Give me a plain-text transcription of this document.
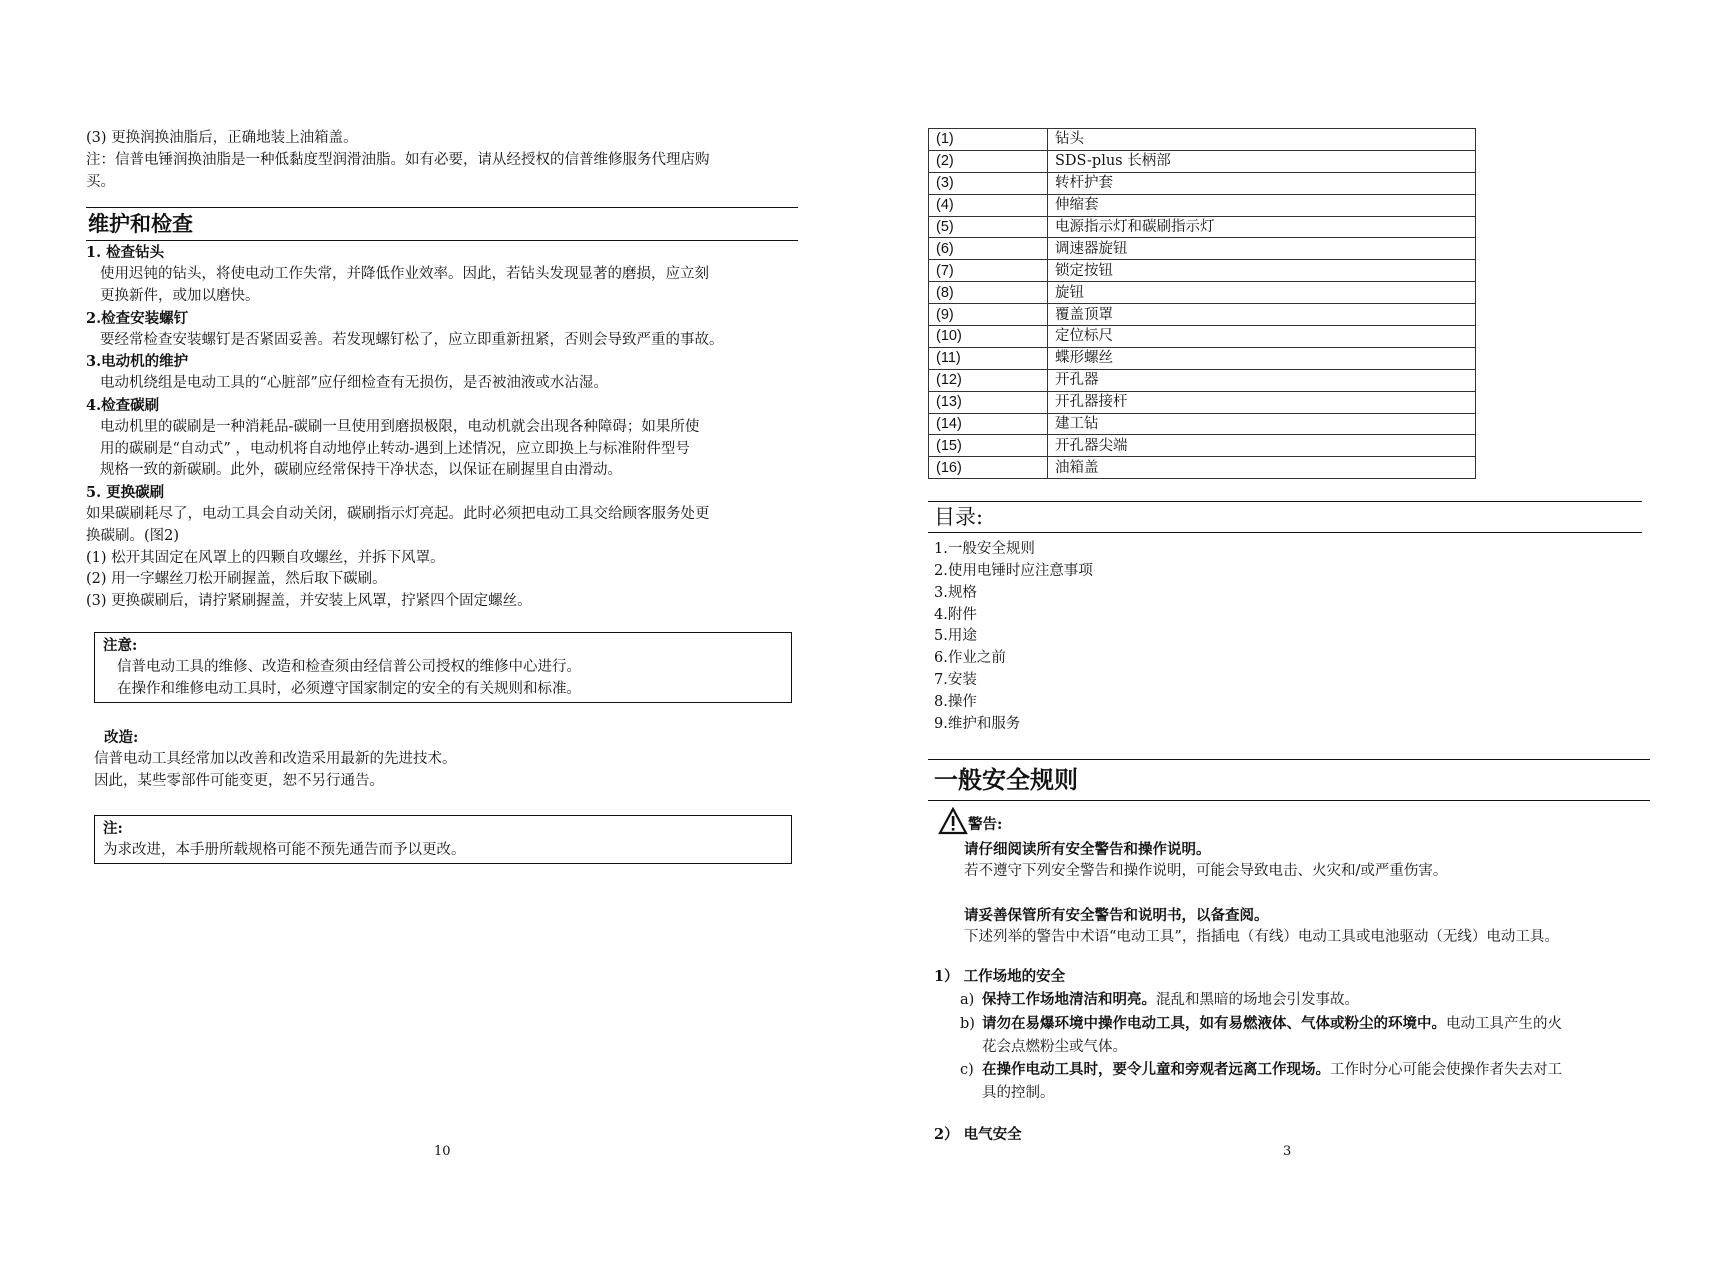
(3) 更换润换油脂后，正确地装上油箱盖。

注：信普电锤润换油脂是一种低黏度型润滑油脂。如有必要，请从经授权的信普维修服务代理店购

买。

维护和检查

1. 检查钻头

使用迟钝的钻头，将使电动工作失常，并降低作业效率。因此，若钻头发现显著的磨损，应立刻

更换新件，或加以磨快。

2.检查安装螺钉

要经常检查安装螺钉是否紧固妥善。若发现螺钉松了，应立即重新扭紧，否则会导致严重的事故。

3.电动机的维护

电动机绕组是电动工具的“心脏部”应仔细检查有无损伤，是否被油液或水沾湿。

4.检查碳刷

电动机里的碳刷是一种消耗品-碳刷一旦使用到磨损极限，电动机就会出现各种障碍；如果所使

用的碳刷是“自动式” ，电动机将自动地停止转动-遇到上述情况，应立即换上与标准附件型号

规格一致的新碳刷。此外，碳刷应经常保持干净状态，以保证在刷握里自由滑动。

5. 更换碳刷

如果碳刷耗尽了，电动工具会自动关闭，碳刷指示灯亮起。此时必须把电动工具交给顾客服务处更

换碳刷。(图2)

(1) 松开其固定在风罩上的四颗自攻螺丝，并拆下风罩。

(2) 用一字螺丝刀松开刷握盖，然后取下碳刷。

(3) 更换碳刷后，请拧紧刷握盖，并安装上风罩，拧紧四个固定螺丝。

注意:

信普电动工具的维修、改造和检查须由经信普公司授权的维修中心进行。

在操作和维修电动工具时，必须遵守国家制定的安全的有关规则和标准。

改造:

信普电动工具经常加以改善和改造采用最新的先进技术。

因此，某些零部件可能变更，恕不另行通告。

注:

为求改进，本手册所载规格可能不预先通告而予以更改。

10
(1)	钻头
(2)	SDS-plus 长柄部
(3)	转杆护套
(4)	伸缩套
(5)	电源指示灯和碳刷指示灯
(6)	调速器旋钮
(7)	锁定按钮
(8)	旋钮
(9)	覆盖顶罩
(10)	定位标尺
(11)	蝶形螺丝
(12)	开孔器
(13)	开孔器接杆
(14)	建工钻
(15)	开孔器尖端
(16)	油箱盖
目录:

1.一般安全规则

2.使用电锤时应注意事项

3.规格

4.附件

5.用途

6.作业之前

7.安装

8.操作

9.维护和服务

一般安全规则

警告:

请仔细阅读所有安全警告和操作说明。

若不遵守下列安全警告和操作说明，可能会导致电击、火灾和/或严重伤害。

请妥善保管所有安全警告和说明书，以备查阅。

下述列举的警告中术语“电动工具”，指插电（有线）电动工具或电池驱动（无线）电动工具。

1） 工作场地的安全

a) 保持工作场地清洁和明亮。混乱和黑暗的场地会引发事故。

b) 请勿在易爆环境中操作电动工具，如有易燃液体、气体或粉尘的环境中。电动工具产生的火

花会点燃粉尘或气体。

c) 在操作电动工具时，要令儿童和旁观者远离工作现场。工作时分心可能会使操作者失去对工

具的控制。

2） 电气安全

3
